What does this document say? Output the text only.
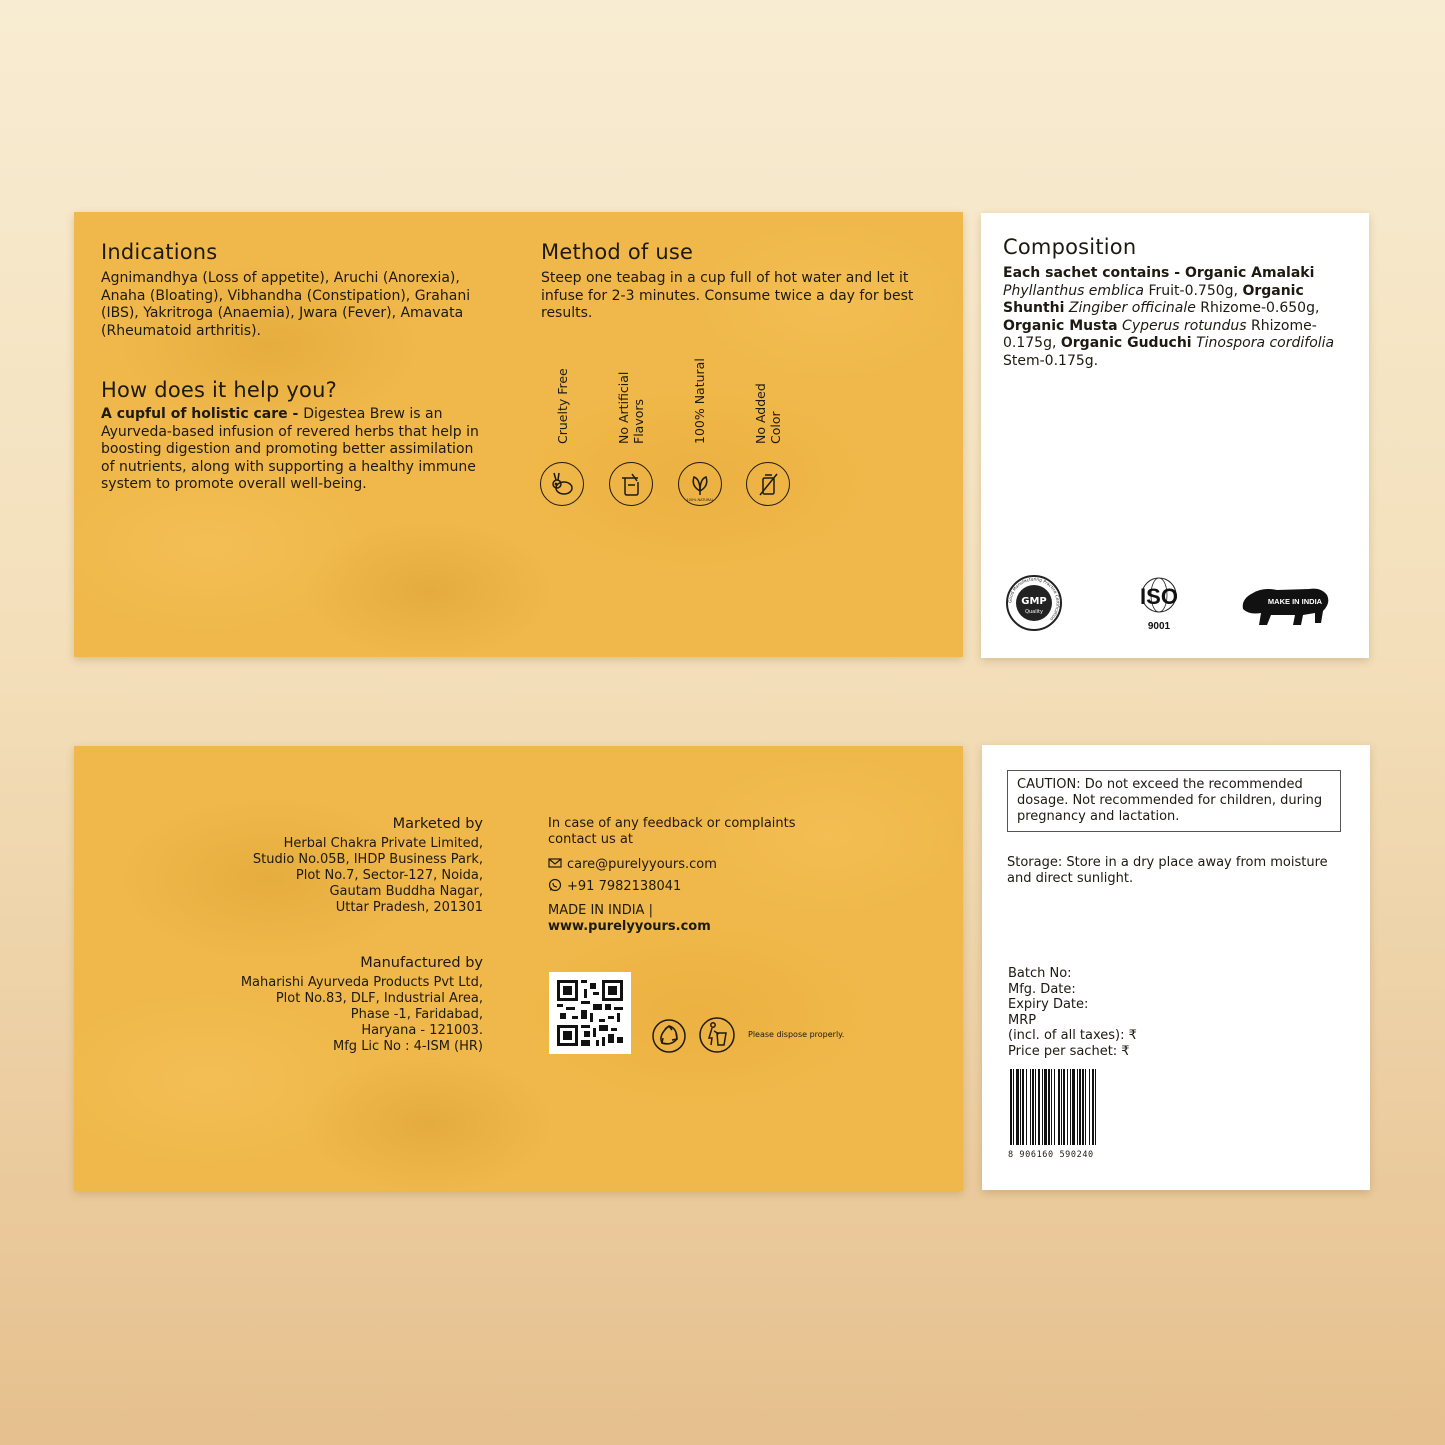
Indications
Agnimandhya (Loss of appetite), Aruchi (Anorexia), Anaha (Bloating), Vibhandha (Constipation), Grahani (IBS), Yakritroga (Anaemia), Jwara (Fever), Amavata (Rheumatoid arthritis).
How does it help you?
A cupful of holistic care - Digestea Brew is an Ayurveda-based infusion of revered herbs that help in boosting digestion and promoting better assimilation of nutrients, along with supporting a healthy immune system to promote overall well-being.
Method of use
Steep one teabag in a cup full of hot water and let it infuse for 2-3 minutes. Consume twice a day for best results.
Cruelty Free	No Artificial
Flavors	100% Natural	No Added
Color
100% NATURAL
Composition
Each sachet contains - Organic Amalaki Phyllanthus emblica Fruit-0.750g, Organic Shunthi Zingiber officinale Rhizome-0.650g, Organic Musta Cyperus rotundus Rhizome-0.175g, Organic Guduchi Tinospora cordifolia Stem-0.175g.
GMP
Quality
Good Manufacturing Practice Certification
ISO
9001
MAKE IN INDIA
Marketed by
Herbal Chakra Private Limited,
Studio No.05B, IHDP Business Park,
Plot No.7, Sector-127, Noida,
Gautam Buddha Nagar,
Uttar Pradesh, 201301
Manufactured by
Maharishi Ayurveda Products Pvt Ltd,
Plot No.83, DLF, Industrial Area,
Phase -1, Faridabad,
Haryana - 121003.
Mfg Lic No : 4-ISM (HR)
In case of any feedback or complaints contact us at
care@purelyyours.com
+91 7982138041
MADE IN INDIA | www.purelyyours.com
Please dispose properly.
CAUTION: Do not exceed the recommended dosage. Not recommended for children, during pregnancy and lactation.
Storage: Store in a dry place away from moisture and direct sunlight.
Batch No:
Mfg. Date:
Expiry Date:
MRP
(incl. of all taxes): ₹
Price per sachet: ₹
8 906160 590240
